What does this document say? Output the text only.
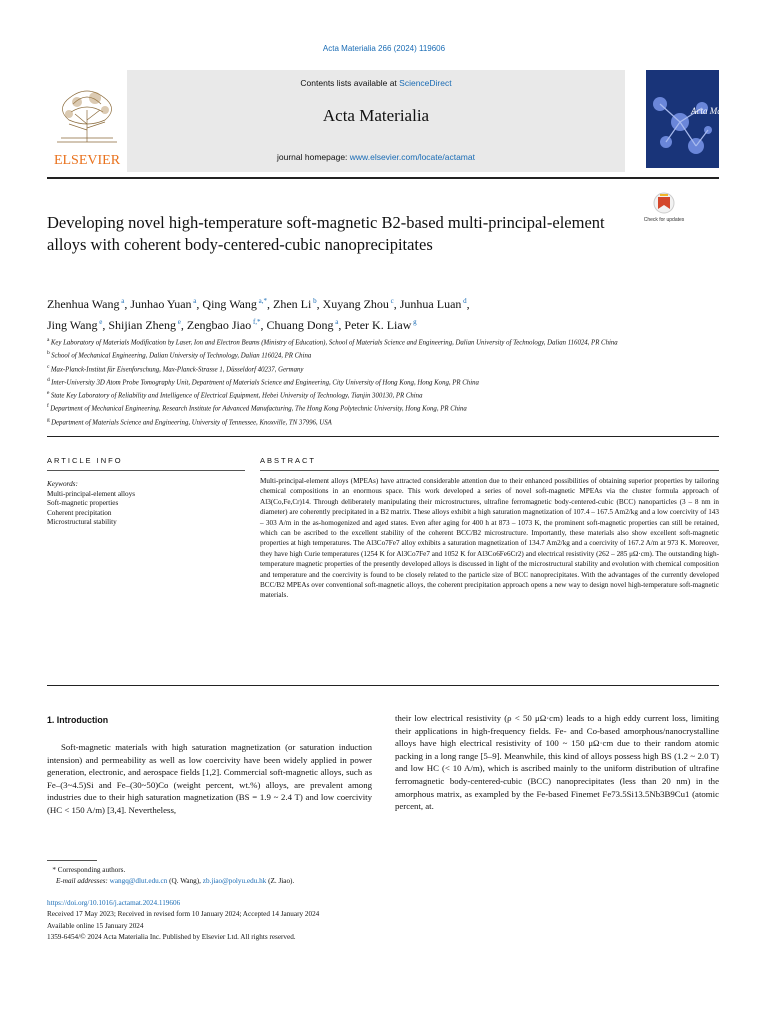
Acta Materialia 266 (2024) 119606
ELSEVIER
Contents lists available at ScienceDirect
Acta Materialia
journal homepage: www.elsevier.com/locate/actamat
Acta Materialia
Developing novel high-temperature soft-magnetic B2-based multi-principal-element alloys with coherent body-centered-cubic nanoprecipitates
Check for updates
Zhenhua Wang $^a$, Junhao Yuan $^a$, Qing Wang $^{a,*}$, Zhen Li $^b$, Xuyang Zhou $^c$, Junhua Luan $^d$,
Jing Wang $^e$, Shijian Zheng $^e$, Zengbao Jiao $^{f,*}$, Chuang Dong $^a$, Peter K. Liaw $^g$
$^a$ Key Laboratory of Materials Modification by Laser, Ion and Electron Beams (Ministry of Education), School of Materials Science and Engineering, Dalian University of Technology, Dalian 116024, PR China
$^b$ School of Mechanical Engineering, Dalian University of Technology, Dalian 116024, PR China
$^c$ Max-Planck-Institut für Eisenforschung, Max-Planck-Strasse 1, Düsseldorf 40237, Germany
$^d$ Inter-University 3D Atom Probe Tomography Unit, Department of Materials Science and Engineering, City University of Hong Kong, Hong Kong, PR China
$^e$ State Key Laboratory of Reliability and Intelligence of Electrical Equipment, Hebei University of Technology, Tianjin 300130, PR China
$^f$ Department of Mechanical Engineering, Research Institute for Advanced Manufacturing, The Hong Kong Polytechnic University, Hong Kong, PR China
$^g$ Department of Materials Science and Engineering, University of Tennessee, Knoxville, TN 37996, USA
ARTICLE INFO	ABSTRACT
Keywords:
Multi-principal-element alloys
Soft-magnetic properties
Coherent precipitation
Microstructural stability
Multi-principal-element alloys (MPEAs) have attracted considerable attention due to their enhanced possibilities of obtaining superior properties by tailoring chemical compositions in an enormous space. This work developed a series of novel soft-magnetic MPEAs via the cluster formula approach of Al3(Co,Fe,Cr)14. Through deliberately manipulating their microstructures, ultrafine ferromagnetic body-centered-cubic (BCC) nanoparticles (3 – 8 nm in diameter) are coherently precipitated in a B2 matrix. These alloys exhibit a high saturation magnetization of 107.4 – 167.5 Am2/kg and a low coercivity of 143 – 303 A/m in the as-homogenized and aged states. Even after aging for 400 h at 873 – 1073 K, the prominent soft-magnetic properties can still be retained, which can be ascribed to the excellent stability of the coherent BCC/B2 microstructure. Importantly, these materials also show excellent soft-magnetic properties at high temperatures. The Al3Co7Fe7 alloy exhibits a saturation magnetization of 134.7 Am2/kg and a coercivity of 167.2 A/m at 973 K. Moreover, they have high Curie temperatures (1254 K for Al3Co7Fe7 and 1052 K for Al3Co6Fe6Cr2) and electrical resistivity (262 – 285 μΩ·cm). The outstanding high-temperature magnetic properties of the presently developed alloys is discussed in light of the microstructural stability and evolution with chemical composition and temperature and the coercivity is found to be closely related to the particle size of BCC nanoprecipitates. With the advantages of the currently developed BCC/B2 MPEAs over conventional soft-magnetic alloys, the coherent precipitation approach opens a new way to design novel high-temperature soft-magnetic materials.
1. Introduction
Soft-magnetic materials with high saturation magnetization (or saturation induction intension) and permeability as well as low coercivity have been widely applied in power generation, electronic, and aerospace fields [1,2]. Commercial soft-magnetic alloys, such as Fe–(3~4.5)Si and Fe–(30~50)Co (weight percent, wt.%) alloys, are prevalent among industries due to their high saturation magnetization (BS = 1.9 ~ 2.4 T) and low coercivity (HC < 150 A/m) [3,4]. Nevertheless,
their low electrical resistivity (ρ < 50 μΩ·cm) leads to a high eddy current loss, limiting their applications in high-frequency fields. Fe- and Co-based amorphous/nanocrystalline alloys have high electrical resistivity of 100 ~ 150 μΩ·cm due to their random atomic packing in a long range [5–9]. Meanwhile, this kind of alloys possess high BS (1.2 ~ 2.0 T) and low HC (< 10 A/m), which is ascribed mainly to the uniform distribution of ultrafine ferromagnetic body-centered-cubic (BCC) nanoprecipitates (less than 20 nm) in the amorphous matrix, as exampled by the Fe-based Finemet Fe73.5Si13.5Nb3B9Cu1 (atomic percent, at.
* Corresponding authors.
E-mail addresses: wangq@dlut.edu.cn (Q. Wang), zb.jiao@polyu.edu.hk (Z. Jiao).
https://doi.org/10.1016/j.actamat.2024.119606
Received 17 May 2023; Received in revised form 10 January 2024; Accepted 14 January 2024
Available online 15 January 2024
1359-6454/© 2024 Acta Materialia Inc. Published by Elsevier Ltd. All rights reserved.
